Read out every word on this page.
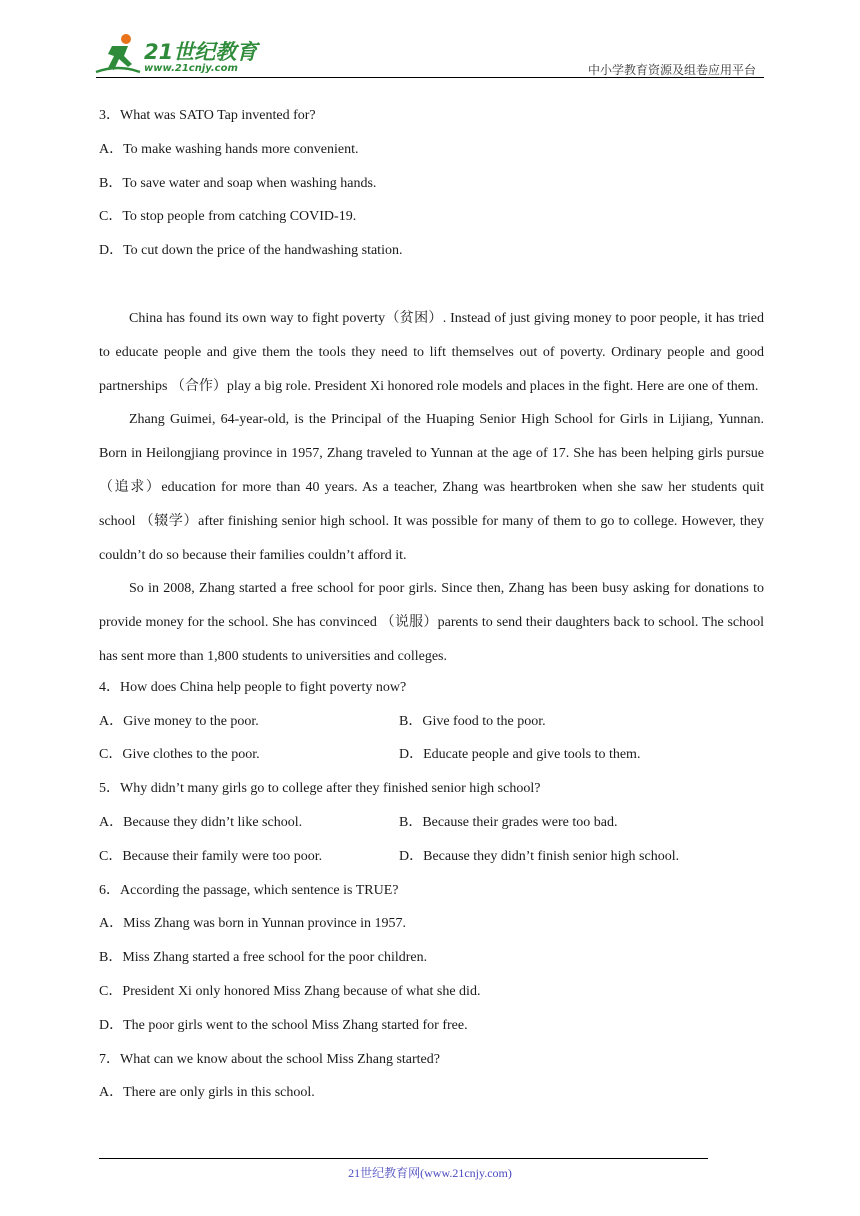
21世纪教育
www.21cnjy.com	中小学教育资源及组卷应用平台
3．What was SATO Tap invented for?
A．To make washing hands more convenient.
B．To save water and soap when washing hands.
C．To stop people from catching COVID-19.
D．To cut down the price of the handwashing station.
China has found its own way to fight poverty（贫困）. Instead of just giving money to poor people, it has tried to educate people and give them the tools they need to lift themselves out of poverty. Ordinary people and good partnerships （合作）play a big role. President Xi honored role models and places in the fight. Here are one of them.
Zhang Guimei, 64-year-old, is the Principal of the Huaping Senior High School for Girls in Lijiang, Yunnan. Born in Heilongjiang province in 1957, Zhang traveled to Yunnan at the age of 17. She has been helping girls pursue （追求）education for more than 40 years. As a teacher, Zhang was heartbroken when she saw her students quit school （辍学）after finishing senior high school. It was possible for many of them to go to college. However, they couldn’t do so because their families couldn’t afford it.
So in 2008, Zhang started a free school for poor girls. Since then, Zhang has been busy asking for donations to provide money for the school. She has convinced （说服）parents to send their daughters back to school. The school has sent more than 1,800 students to universities and colleges.
4．How does China help people to fight poverty now?
A．Give money to the poor.	B．Give food to the poor.
C．Give clothes to the poor.	D．Educate people and give tools to them.
5．Why didn’t many girls go to college after they finished senior high school?
A．Because they didn’t like school.	B．Because their grades were too bad.
C．Because their family were too poor.	D．Because they didn’t finish senior high school.
6．According the passage, which sentence is TRUE?
A．Miss Zhang was born in Yunnan province in 1957.
B．Miss Zhang started a free school for the poor children.
C．President Xi only honored Miss Zhang because of what she did.
D．The poor girls went to the school Miss Zhang started for free.
7．What can we know about the school Miss Zhang started?
A．There are only girls in this school.
21世纪教育网(www.21cnjy.com)
